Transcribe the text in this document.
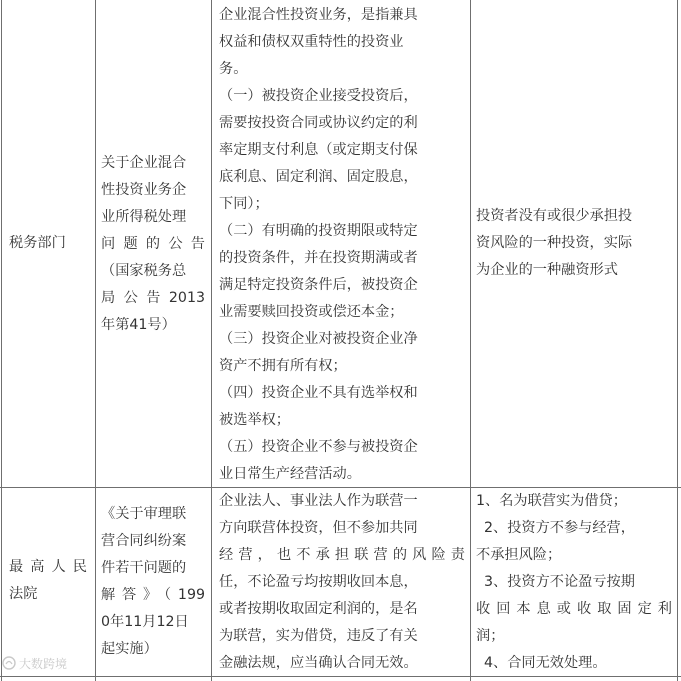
税务部门
关于企业混合
性投资业务企
业所得税处理
问题的公告
（国家税务总
局公告2013
年第41号）
企业混合性投资业务，是指兼具
权益和债权双重特性的投资业
务。
（一）被投资企业接受投资后，
需要按投资合同或协议约定的利
率定期支付利息（或定期支付保
底利息、固定利润、固定股息，
下同）；
（二）有明确的投资期限或特定
的投资条件，并在投资期满或者
满足特定投资条件后，被投资企
业需要赎回投资或偿还本金；
（三）投资企业对被投资企业净
资产不拥有所有权；
（四）投资企业不具有选举权和
被选举权；
（五）投资企业不参与被投资企
业日常生产经营活动。
投资者没有或很少承担投
资风险的一种投资，实际
为企业的一种融资形式
最高人民
法院
《关于审理联
营合同纠纷案
件若干问题的
解答》（199
0年11月12日
起实施）
企业法人、事业法人作为联营一
方向联营体投资，但不参加共同
经营，也不承担联营的风险责
任，不论盈亏均按期收回本息，
或者按期收取固定利润的，是名
为联营，实为借贷，违反了有关
金融法规，应当确认合同无效。
1、名为联营实为借贷；
2、投资方不参与经营，
不承担风险；
3、投资方不论盈亏按期
收回本息或收取固定利
润；
4、合同无效处理。
大数跨境
